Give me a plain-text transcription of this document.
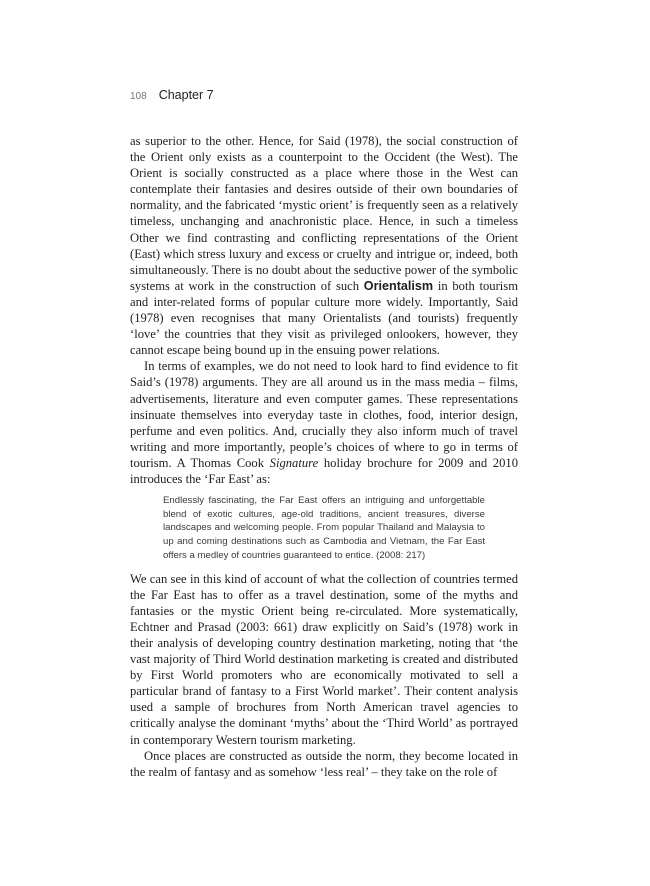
108 Chapter 7

as superior to the other. Hence, for Said (1978), the social construction of the Orient only exists as a counterpoint to the Occident (the West). The Orient is socially constructed as a place where those in the West can contemplate their fantasies and desires outside of their own boundaries of normality, and the fabricated ‘mystic orient’ is frequently seen as a relatively timeless, unchanging and anachronistic place. Hence, in such a timeless Other we find contrasting and conflicting representations of the Orient (East) which stress luxury and excess or cruelty and intrigue or, indeed, both simultaneously. There is no doubt about the seductive power of the symbolic systems at work in the construction of such Orientalism in both tourism and inter-related forms of popular culture more widely. Importantly, Said (1978) even recognises that many Orientalists (and tourists) frequently ‘love’ the countries that they visit as privileged onlookers, however, they cannot escape being bound up in the ensuing power relations.

In terms of examples, we do not need to look hard to find evidence to fit Said’s (1978) arguments. They are all around us in the mass media – films, advertisements, literature and even computer games. These representations insinuate themselves into everyday taste in clothes, food, interior design, perfume and even politics. And, crucially they also inform much of travel writing and more importantly, people’s choices of where to go in terms of tourism. A Thomas Cook Signature holiday brochure for 2009 and 2010 introduces the ‘Far East’ as:

Endlessly fascinating, the Far East offers an intriguing and unforgettable blend of exotic cultures, age-old traditions, ancient treasures, diverse landscapes and welcoming people. From popular Thailand and Malaysia to up and coming destinations such as Cambodia and Vietnam, the Far East offers a medley of countries guaranteed to entice. (2008: 217)

We can see in this kind of account of what the collection of countries termed the Far East has to offer as a travel destination, some of the myths and fantasies or the mystic Orient being re-circulated. More systematically, Echtner and Prasad (2003: 661) draw explicitly on Said’s (1978) work in their analysis of developing country destination marketing, noting that ‘the vast majority of Third World destination marketing is created and distributed by First World promoters who are economically motivated to sell a particular brand of fantasy to a First World market’. Their content analysis used a sample of brochures from North American travel agencies to critically analyse the dominant ‘myths’ about the ‘Third World’ as portrayed in contemporary Western tourism marketing.

Once places are constructed as outside the norm, they become located in the realm of fantasy and as somehow ‘less real’ – they take on the role of
